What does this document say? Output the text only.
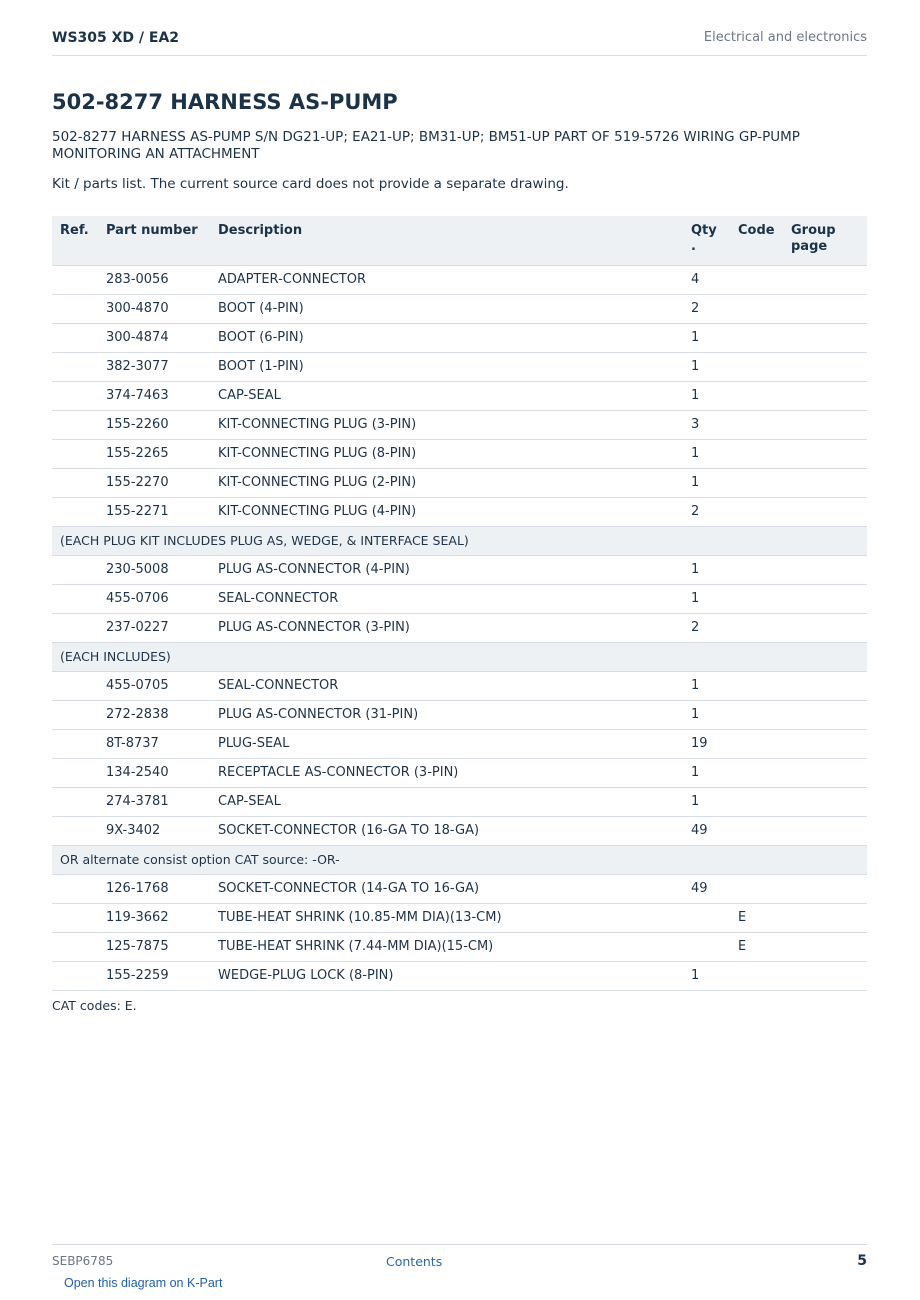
WS305 XD / EA2	Electrical and electronics
502-8277 HARNESS AS-PUMP

502-8277 HARNESS AS-PUMP S/N DG21-UP; EA21-UP; BM31-UP; BM51-UP PART OF 519-5726 WIRING GP-PUMP MONITORING AN ATTACHMENT

Kit / parts list. The current source card does not provide a separate drawing.

Ref.	Part number	Description	Qty .	Code	Group page
	283-0056	ADAPTER-CONNECTOR	4		
	300-4870	BOOT (4-PIN)	2		
	300-4874	BOOT (6-PIN)	1		
	382-3077	BOOT (1-PIN)	1		
	374-7463	CAP-SEAL	1		
	155-2260	KIT-CONNECTING PLUG (3-PIN)	3		
	155-2265	KIT-CONNECTING PLUG (8-PIN)	1		
	155-2270	KIT-CONNECTING PLUG (2-PIN)	1		
	155-2271	KIT-CONNECTING PLUG (4-PIN)	2		
(EACH PLUG KIT INCLUDES PLUG AS, WEDGE, & INTERFACE SEAL)					
	230-5008	PLUG AS-CONNECTOR (4-PIN)	1		
	455-0706	SEAL-CONNECTOR	1		
	237-0227	PLUG AS-CONNECTOR (3-PIN)	2		
(EACH INCLUDES)					
	455-0705	SEAL-CONNECTOR	1		
	272-2838	PLUG AS-CONNECTOR (31-PIN)	1		
	8T-8737	PLUG-SEAL	19		
	134-2540	RECEPTACLE AS-CONNECTOR (3-PIN)	1		
	274-3781	CAP-SEAL	1		
	9X-3402	SOCKET-CONNECTOR (16-GA TO 18-GA)	49		
OR alternate consist option CAT source: -OR-					
	126-1768	SOCKET-CONNECTOR (14-GA TO 16-GA)	49		
	119-3662	TUBE-HEAT SHRINK (10.85-MM DIA)(13-CM)		E	
	125-7875	TUBE-HEAT SHRINK (7.44-MM DIA)(15-CM)		E	
	155-2259	WEDGE-PLUG LOCK (8-PIN)	1		

CAT codes: E.

SEBP6785	Contents	5
Open this diagram on K-Part
